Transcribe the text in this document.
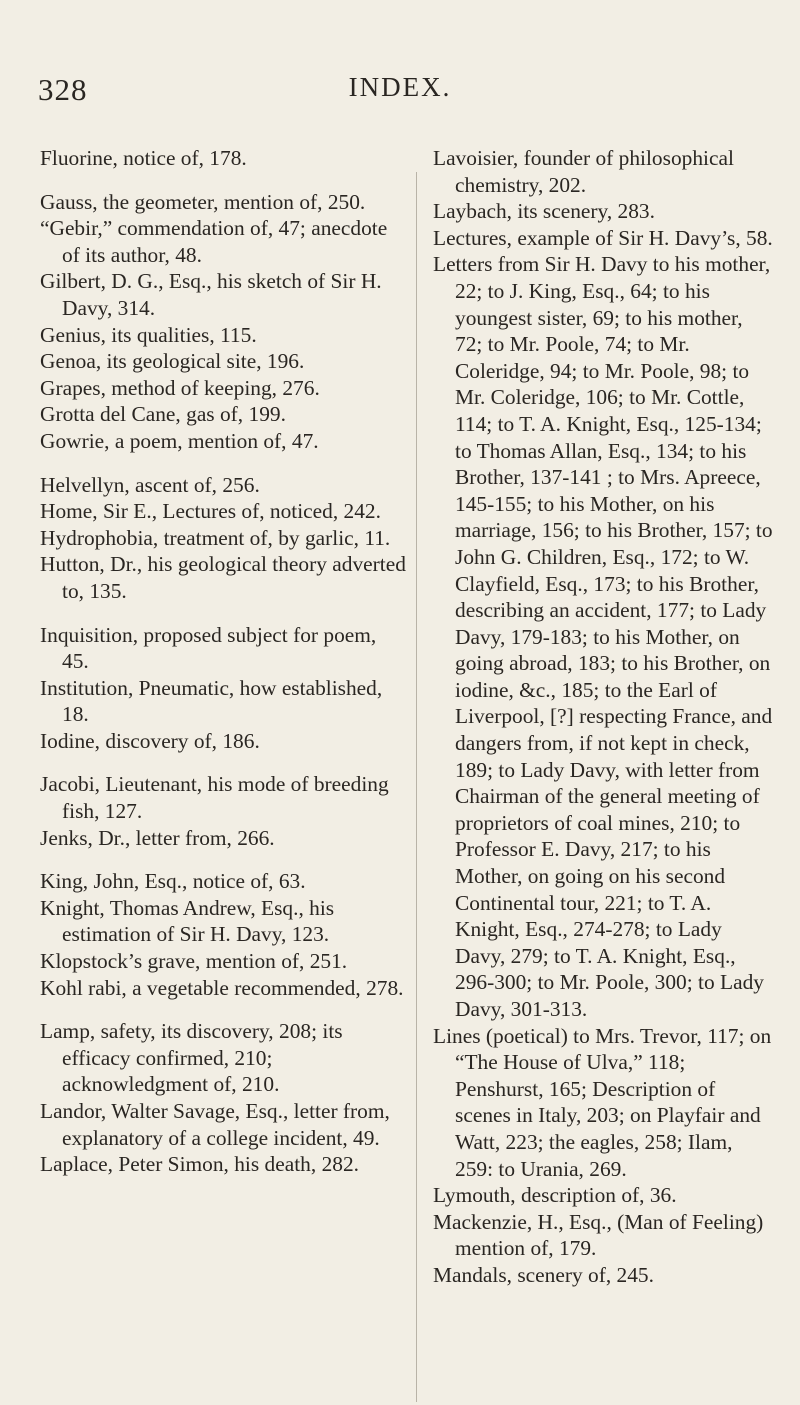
328	INDEX.
Fluorine, notice of, 178.
Gauss, the geometer, mention of, 250.
“Gebir,” commendation of, 47; anecdote of its author, 48.
Gilbert, D. G., Esq., his sketch of Sir H. Davy, 314.
Genius, its qualities, 115.
Genoa, its geological site, 196.
Grapes, method of keeping, 276.
Grotta del Cane, gas of, 199.
Gowrie, a poem, mention of, 47.
Helvellyn, ascent of, 256.
Home, Sir E., Lectures of, noticed, 242.
Hydrophobia, treatment of, by garlic, 11.
Hutton, Dr., his geological theory adverted to, 135.
Inquisition, proposed subject for poem, 45.
Institution, Pneumatic, how established, 18.
Iodine, discovery of, 186.
Jacobi, Lieutenant, his mode of breeding fish, 127.
Jenks, Dr., letter from, 266.
King, John, Esq., notice of, 63.
Knight, Thomas Andrew, Esq., his estimation of Sir H. Davy, 123.
Klopstock’s grave, mention of, 251.
Kohl rabi, a vegetable recommended, 278.
Lamp, safety, its discovery, 208; its efficacy confirmed, 210; acknowledgment of, 210.
Landor, Walter Savage, Esq., letter from, explanatory of a college incident, 49.
Laplace, Peter Simon, his death, 282.
Lavoisier, founder of philosophical chemistry, 202.
Laybach, its scenery, 283.
Lectures, example of Sir H. Davy’s, 58.
Letters from Sir H. Davy to his mother, 22; to J. King, Esq., 64; to his youngest sister, 69; to his mother, 72; to Mr. Poole, 74; to Mr. Coleridge, 94; to Mr. Poole, 98; to Mr. Coleridge, 106; to Mr. Cottle, 114; to T. A. Knight, Esq., 125-134; to Thomas Allan, Esq., 134; to his Brother, 137-141 ; to Mrs. Apreece, 145-155; to his Mother, on his marriage, 156; to his Brother, 157; to John G. Children, Esq., 172; to W. Clayfield, Esq., 173; to his Brother, describing an accident, 177; to Lady Davy, 179-183; to his Mother, on going abroad, 183; to his Brother, on iodine, &c., 185; to the Earl of Liverpool, [?] respecting France, and dangers from, if not kept in check, 189; to Lady Davy, with letter from Chairman of the general meeting of proprietors of coal mines, 210; to Professor E. Davy, 217; to his Mother, on going on his second Continental tour, 221; to T. A. Knight, Esq., 274-278; to Lady Davy, 279; to T. A. Knight, Esq., 296-300; to Mr. Poole, 300; to Lady Davy, 301-313.
Lines (poetical) to Mrs. Trevor, 117; on “The House of Ulva,” 118; Penshurst, 165; Description of scenes in Italy, 203; on Playfair and Watt, 223; the eagles, 258; Ilam, 259: to Urania, 269.
Lymouth, description of, 36.
Mackenzie, H., Esq., (Man of Feeling) mention of, 179.
Mandals, scenery of, 245.
